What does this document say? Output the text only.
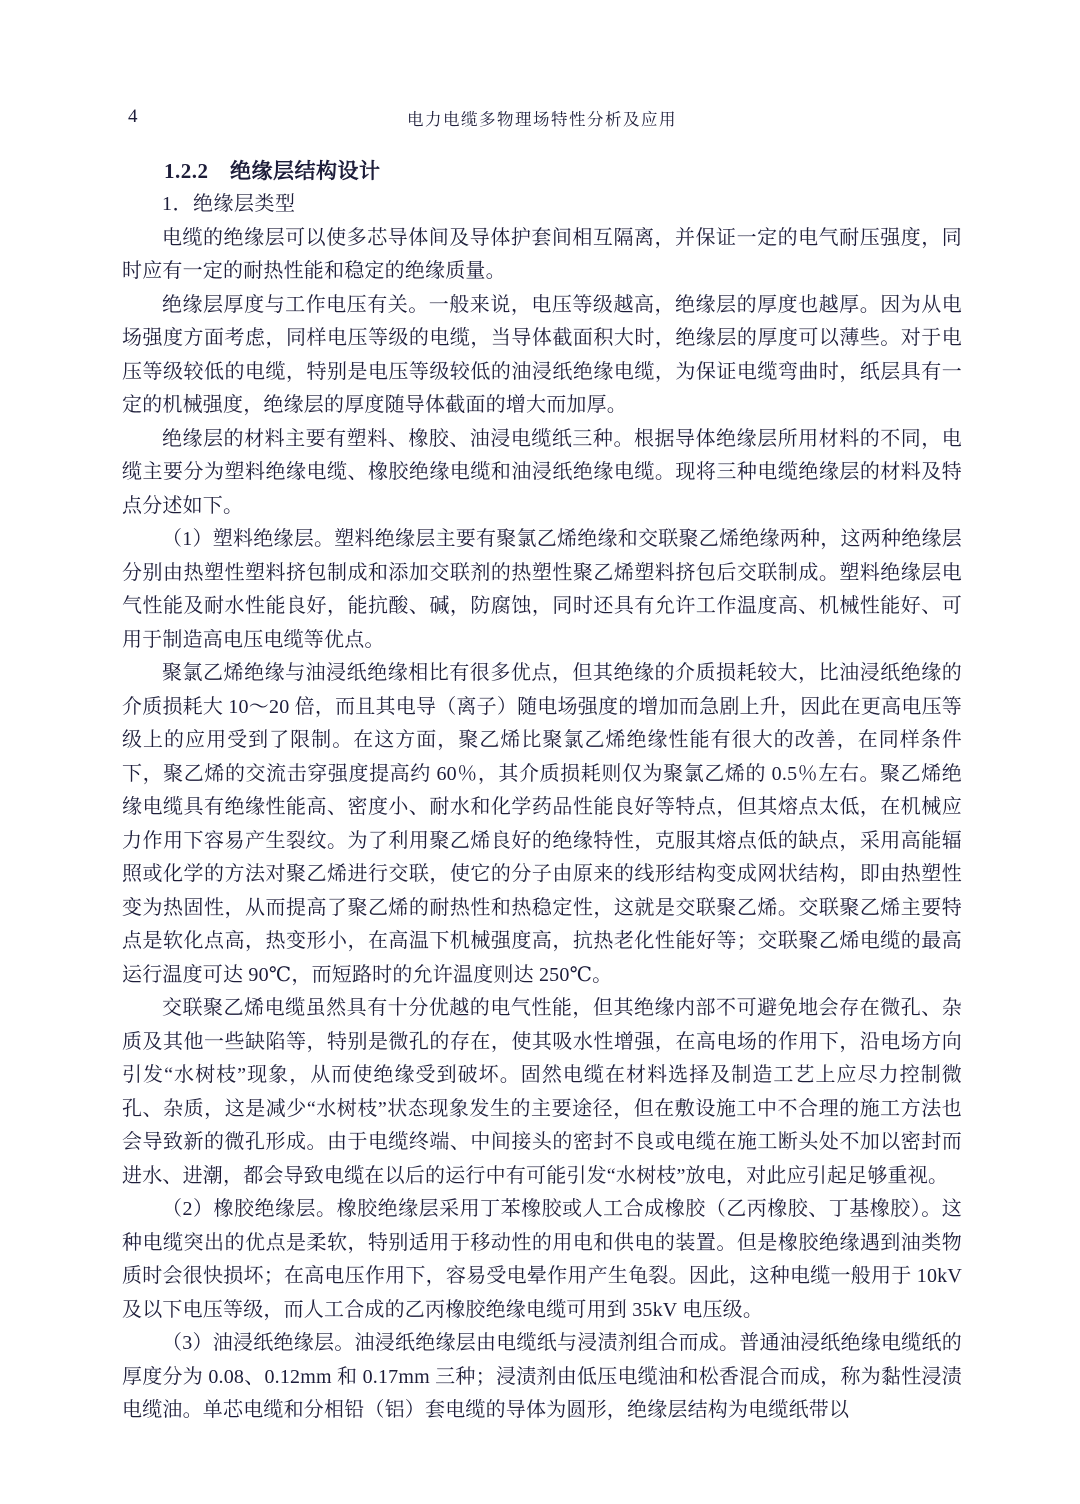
4	电力电缆多物理场特性分析及应用
1.2.2　绝缘层结构设计
1．绝缘层类型

电缆的绝缘层可以使多芯导体间及导体护套间相互隔离，并保证一定的电气耐压强度，同时应有一定的耐热性能和稳定的绝缘质量。

绝缘层厚度与工作电压有关。一般来说，电压等级越高，绝缘层的厚度也越厚。因为从电场强度方面考虑，同样电压等级的电缆，当导体截面积大时，绝缘层的厚度可以薄些。对于电压等级较低的电缆，特别是电压等级较低的油浸纸绝缘电缆，为保证电缆弯曲时，纸层具有一定的机械强度，绝缘层的厚度随导体截面的增大而加厚。

绝缘层的材料主要有塑料、橡胶、油浸电缆纸三种。根据导体绝缘层所用材料的不同，电缆主要分为塑料绝缘电缆、橡胶绝缘电缆和油浸纸绝缘电缆。现将三种电缆绝缘层的材料及特点分述如下。

（1）塑料绝缘层。塑料绝缘层主要有聚氯乙烯绝缘和交联聚乙烯绝缘两种，这两种绝缘层分别由热塑性塑料挤包制成和添加交联剂的热塑性聚乙烯塑料挤包后交联制成。塑料绝缘层电气性能及耐水性能良好，能抗酸、碱，防腐蚀，同时还具有允许工作温度高、机械性能好、可用于制造高电压电缆等优点。

聚氯乙烯绝缘与油浸纸绝缘相比有很多优点，但其绝缘的介质损耗较大，比油浸纸绝缘的介质损耗大 10～20 倍，而且其电导（离子）随电场强度的增加而急剧上升，因此在更高电压等级上的应用受到了限制。在这方面，聚乙烯比聚氯乙烯绝缘性能有很大的改善，在同样条件下，聚乙烯的交流击穿强度提高约 60％，其介质损耗则仅为聚氯乙烯的 0.5％左右。聚乙烯绝缘电缆具有绝缘性能高、密度小、耐水和化学药品性能良好等特点，但其熔点太低，在机械应力作用下容易产生裂纹。为了利用聚乙烯良好的绝缘特性，克服其熔点低的缺点，采用高能辐照或化学的方法对聚乙烯进行交联，使它的分子由原来的线形结构变成网状结构，即由热塑性变为热固性，从而提高了聚乙烯的耐热性和热稳定性，这就是交联聚乙烯。交联聚乙烯主要特点是软化点高，热变形小，在高温下机械强度高，抗热老化性能好等；交联聚乙烯电缆的最高运行温度可达 90℃，而短路时的允许温度则达 250℃。

交联聚乙烯电缆虽然具有十分优越的电气性能，但其绝缘内部不可避免地会存在微孔、杂质及其他一些缺陷等，特别是微孔的存在，使其吸水性增强，在高电场的作用下，沿电场方向引发“水树枝”现象，从而使绝缘受到破坏。固然电缆在材料选择及制造工艺上应尽力控制微孔、杂质，这是减少“水树枝”状态现象发生的主要途径，但在敷设施工中不合理的施工方法也会导致新的微孔形成。由于电缆终端、中间接头的密封不良或电缆在施工断头处不加以密封而进水、进潮，都会导致电缆在以后的运行中有可能引发“水树枝”放电，对此应引起足够重视。

（2）橡胶绝缘层。橡胶绝缘层采用丁苯橡胶或人工合成橡胶（乙丙橡胶、丁基橡胶）。这种电缆突出的优点是柔软，特别适用于移动性的用电和供电的装置。但是橡胶绝缘遇到油类物质时会很快损坏；在高电压作用下，容易受电晕作用产生龟裂。因此，这种电缆一般用于 10kV 及以下电压等级，而人工合成的乙丙橡胶绝缘电缆可用到 35kV 电压级。

（3）油浸纸绝缘层。油浸纸绝缘层由电缆纸与浸渍剂组合而成。普通油浸纸绝缘电缆纸的厚度分为 0.08、0.12mm 和 0.17mm 三种；浸渍剂由低压电缆油和松香混合而成，称为黏性浸渍电缆油。单芯电缆和分相铅（铝）套电缆的导体为圆形，绝缘层结构为电缆纸带以
